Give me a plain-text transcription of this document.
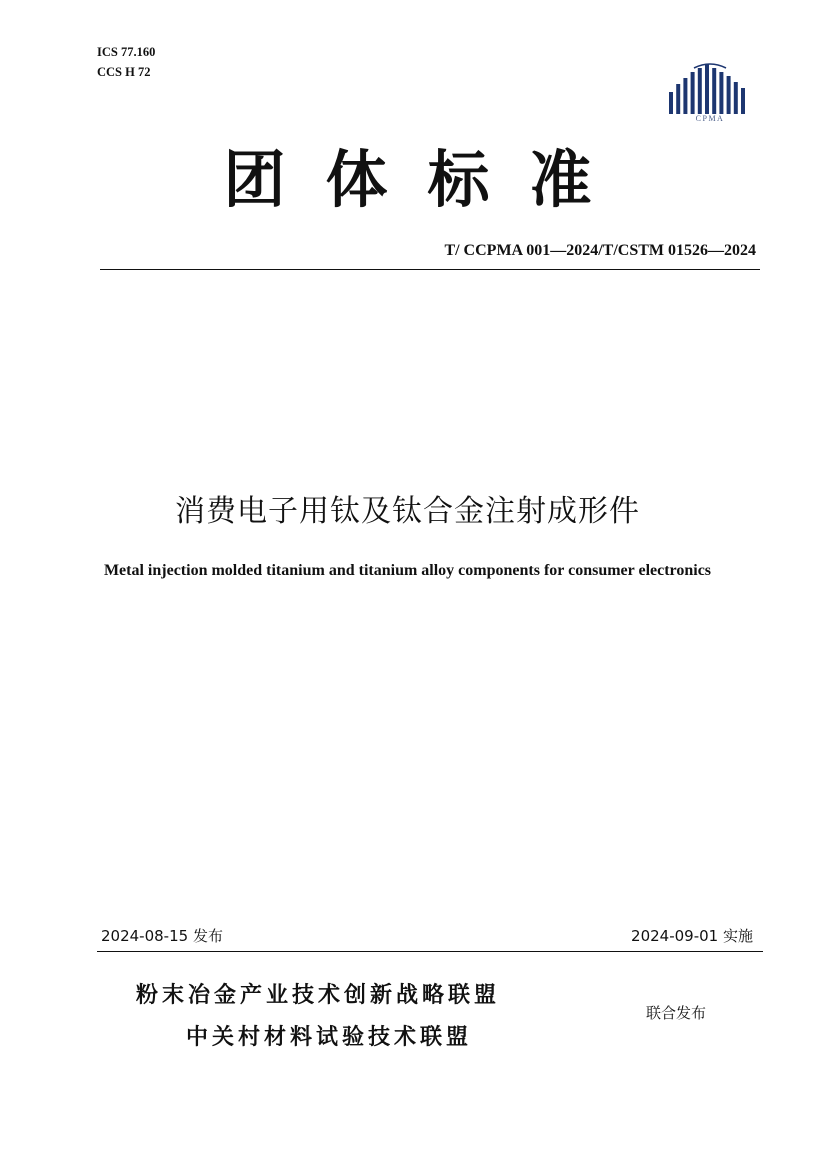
ICS 77.160
CCS H 72
CPMA
团体标准
T/ CCPMA 001—2024/T/CSTM 01526—2024
消费电子用钛及钛合金注射成形件
Metal injection molded titanium and titanium alloy components for consumer electronics
2024-08-15 发布	2024-09-01 实施
粉末冶金产业技术创新战略联盟
中关村材料试验技术联盟
联合发布
